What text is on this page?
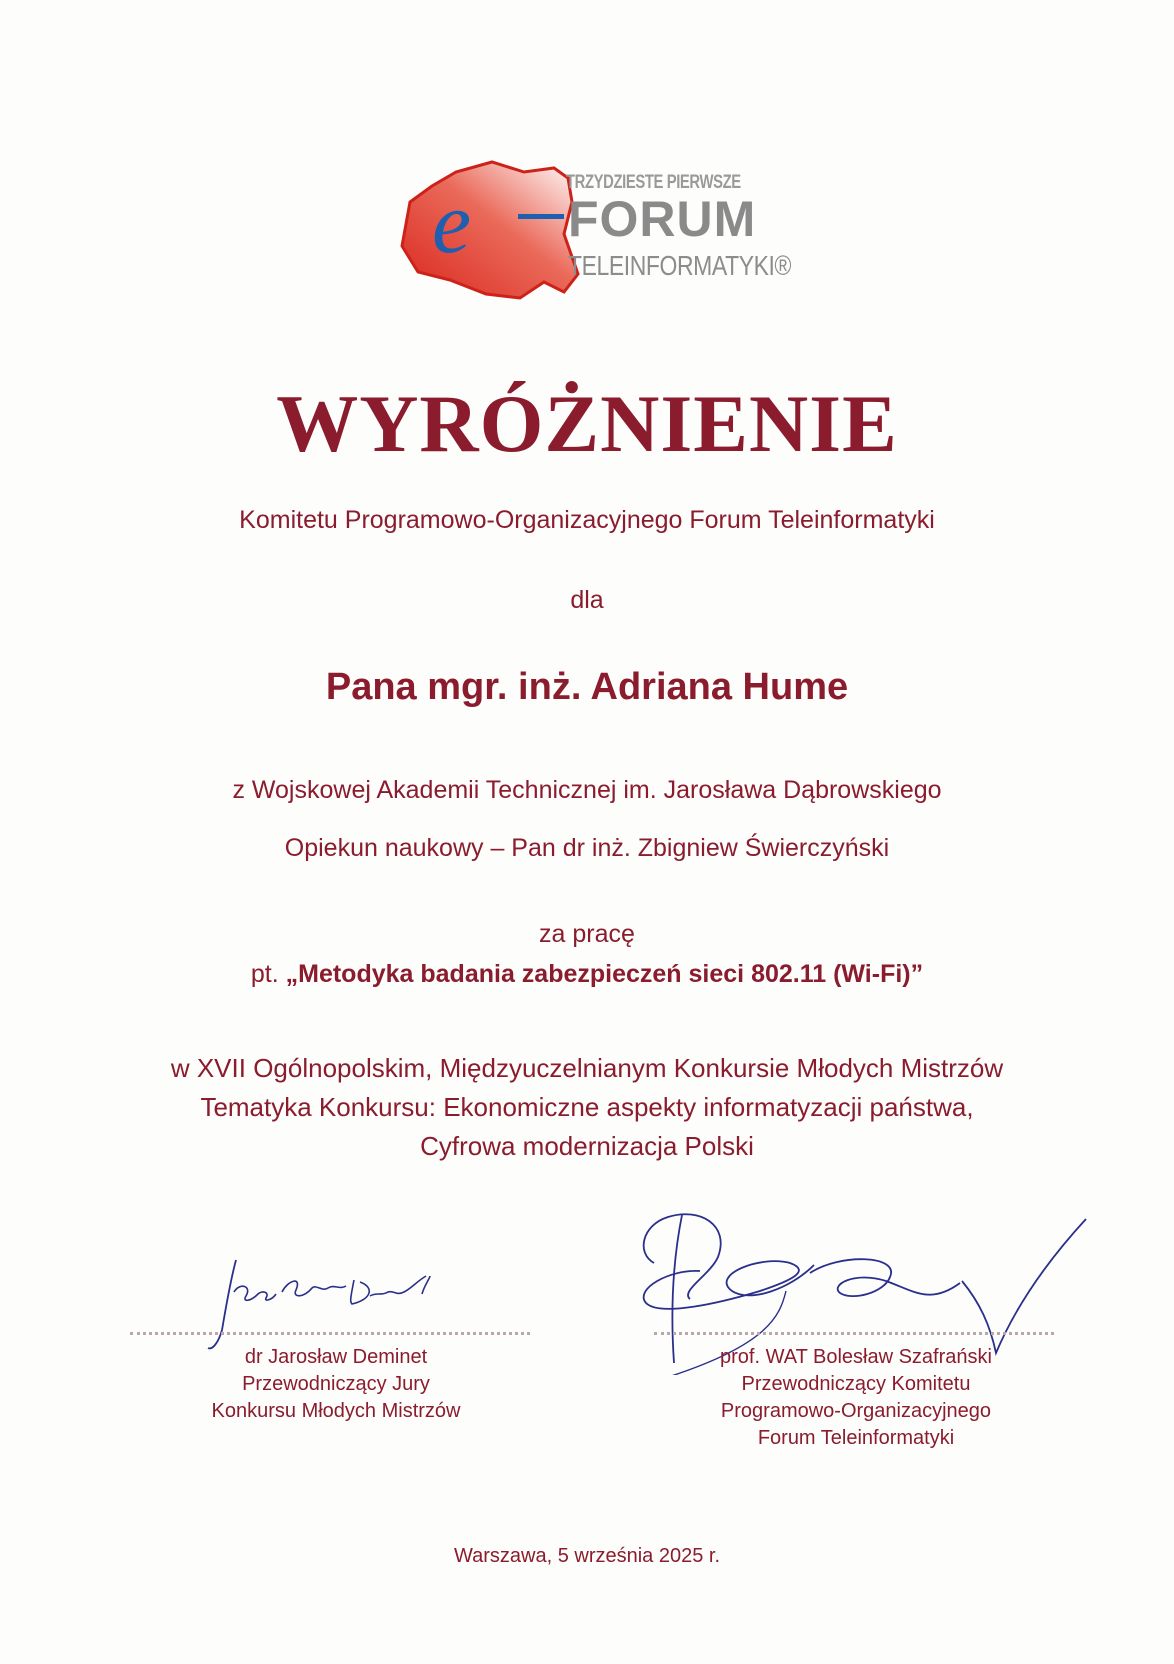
e	TRZYDZIESTE PIERWSZE
FORUM
TELEINFORMATYKI®
WYRÓŻNIENIE
Komitetu Programowo-Organizacyjnego Forum Teleinformatyki
dla
Pana mgr. inż. Adriana Hume
z Wojskowej Akademii Technicznej im. Jarosława Dąbrowskiego
Opiekun naukowy – Pan dr inż. Zbigniew Świerczyński
za pracę
pt. „Metodyka badania zabezpieczeń sieci 802.11 (Wi-Fi)”
w XVII Ogólnopolskim, Międzyuczelnianym Konkursie Młodych Mistrzów
Tematyka Konkursu: Ekonomiczne aspekty informatyzacji państwa,
Cyfrowa modernizacja Polski
dr Jarosław Deminet
Przewodniczący Jury
Konkursu Młodych Mistrzów
prof. WAT Bolesław Szafrański
Przewodniczący Komitetu
Programowo-Organizacyjnego
Forum Teleinformatyki
Warszawa, 5 września 2025 r.
